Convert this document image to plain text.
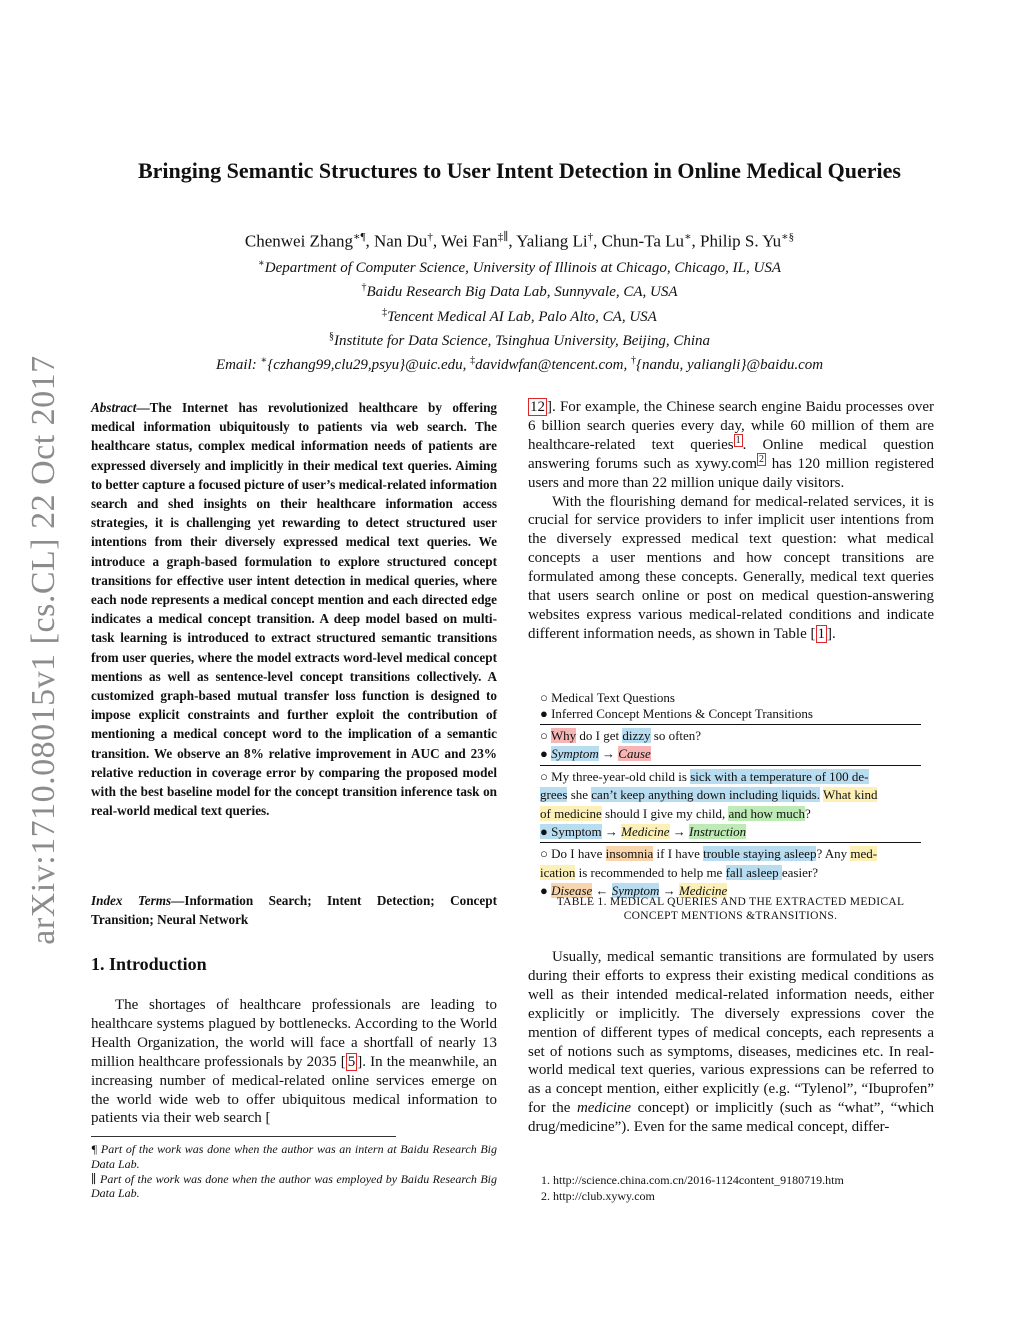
arXiv:1710.08015v1 [cs.CL] 22 Oct 2017
Bringing Semantic Structures to User Intent Detection in Online Medical Queries
Chenwei Zhang∗¶, Nan Du†, Wei Fan‡∥, Yaliang Li†, Chun-Ta Lu∗, Philip S. Yu∗§
∗Department of Computer Science, University of Illinois at Chicago, Chicago, IL, USA
†Baidu Research Big Data Lab, Sunnyvale, CA, USA
‡Tencent Medical AI Lab, Palo Alto, CA, USA
§Institute for Data Science, Tsinghua University, Beijing, China
Email: ∗{czhang99,clu29,psyu}@uic.edu, ‡davidwfan@tencent.com, †{nandu, yaliangli}@baidu.com
Abstract—The Internet has revolutionized healthcare by offering medical information ubiquitously to patients via web search. The healthcare status, complex medical information needs of patients are expressed diversely and implicitly in their medical text queries. Aiming to better capture a focused picture of user’s medical-related information search and shed insights on their healthcare information access strategies, it is challenging yet rewarding to detect structured user intentions from their diversely expressed medical text queries. We introduce a graph-based formulation to explore structured concept transitions for effective user intent detection in medical queries, where each node represents a medical concept mention and each directed edge indicates a medical concept transition. A deep model based on multi-task learning is introduced to extract structured semantic transitions from user queries, where the model extracts word-level medical concept mentions as well as sentence-level concept transitions collectively. A customized graph-based mutual transfer loss function is designed to impose explicit constraints and further exploit the contribution of mentioning a medical concept word to the implication of a semantic transition. We observe an 8% relative improvement in AUC and 23% relative reduction in coverage error by comparing the proposed model with the best baseline model for the concept transition inference task on real-world medical text queries.
Index Terms—Information Search; Intent Detection; Concept Transition; Neural Network
1. Introduction
The shortages of healthcare professionals are leading to healthcare systems plagued by bottlenecks. According to the World Health Organization, the world will face a shortfall of nearly 13 million healthcare professionals by 2035 [ 5 ]. In the meanwhile, an increasing number of medical-related online services emerge on the world wide web to offer ubiquitous medical information to patients via their web search [

¶ Part of the work was done when the author was an intern at Baidu Research Big Data Lab.

∥ Part of the work was done when the author was employed by Baidu Research Big Data Lab.

12 ]. For example, the Chinese search engine Baidu processes over 6 billion search queries every day, while 60 million of them are healthcare-related text queries $^1$ . Online medical question answering forums such as xywy.com $^2$ has 120 million registered users and more than 22 million unique daily visitors.

With the flourishing demand for medical-related services, it is crucial for service providers to infer implicit user intentions from the diversely expressed medical text question: what medical concepts a user mentions and how concept transitions are formulated among these concepts. Generally, medical text queries that users search online or post on medical question-answering websites express various medical-related conditions and indicate different information needs, as shown in Table [ 1 ].

○ Medical Text Questions
● Inferred Concept Mentions & Concept Transitions
○ Why do I get dizzy so often?
● Symptom → Cause
○ My three-year-old child is sick with a temperature of 100 de-
grees she can’t keep anything down including liquids. What kind
of medicine should I give my child, and how much?
● Symptom → Medicine → Instruction
○ Do I have insomnia if I have trouble staying asleep? Any med-
ication is recommended to help me fall asleep easier?
● Disease ← Symptom → Medicine
TABLE 1. MEDICAL QUERIES AND THE EXTRACTED MEDICAL CONCEPT MENTIONS &TRANSITIONS.
Usually, medical semantic transitions are formulated by users during their efforts to express their existing medical conditions as well as their intended medical-related information needs, either explicitly or implicitly. The diversely expressions cover the mention of different types of medical concepts, each represents a set of notions such as symptoms, diseases, medicines etc. In real-world medical text queries, various expressions can be referred to as a concept mention, either explicitly (e.g. “Tylenol”, “Ibuprofen” for the medicine concept) or implicitly (such as “what”, “which drug/medicine”). Even for the same medical concept, differ-
1. http://science.china.com.cn/2016-1124content_9180719.htm
2. http://club.xywy.com
